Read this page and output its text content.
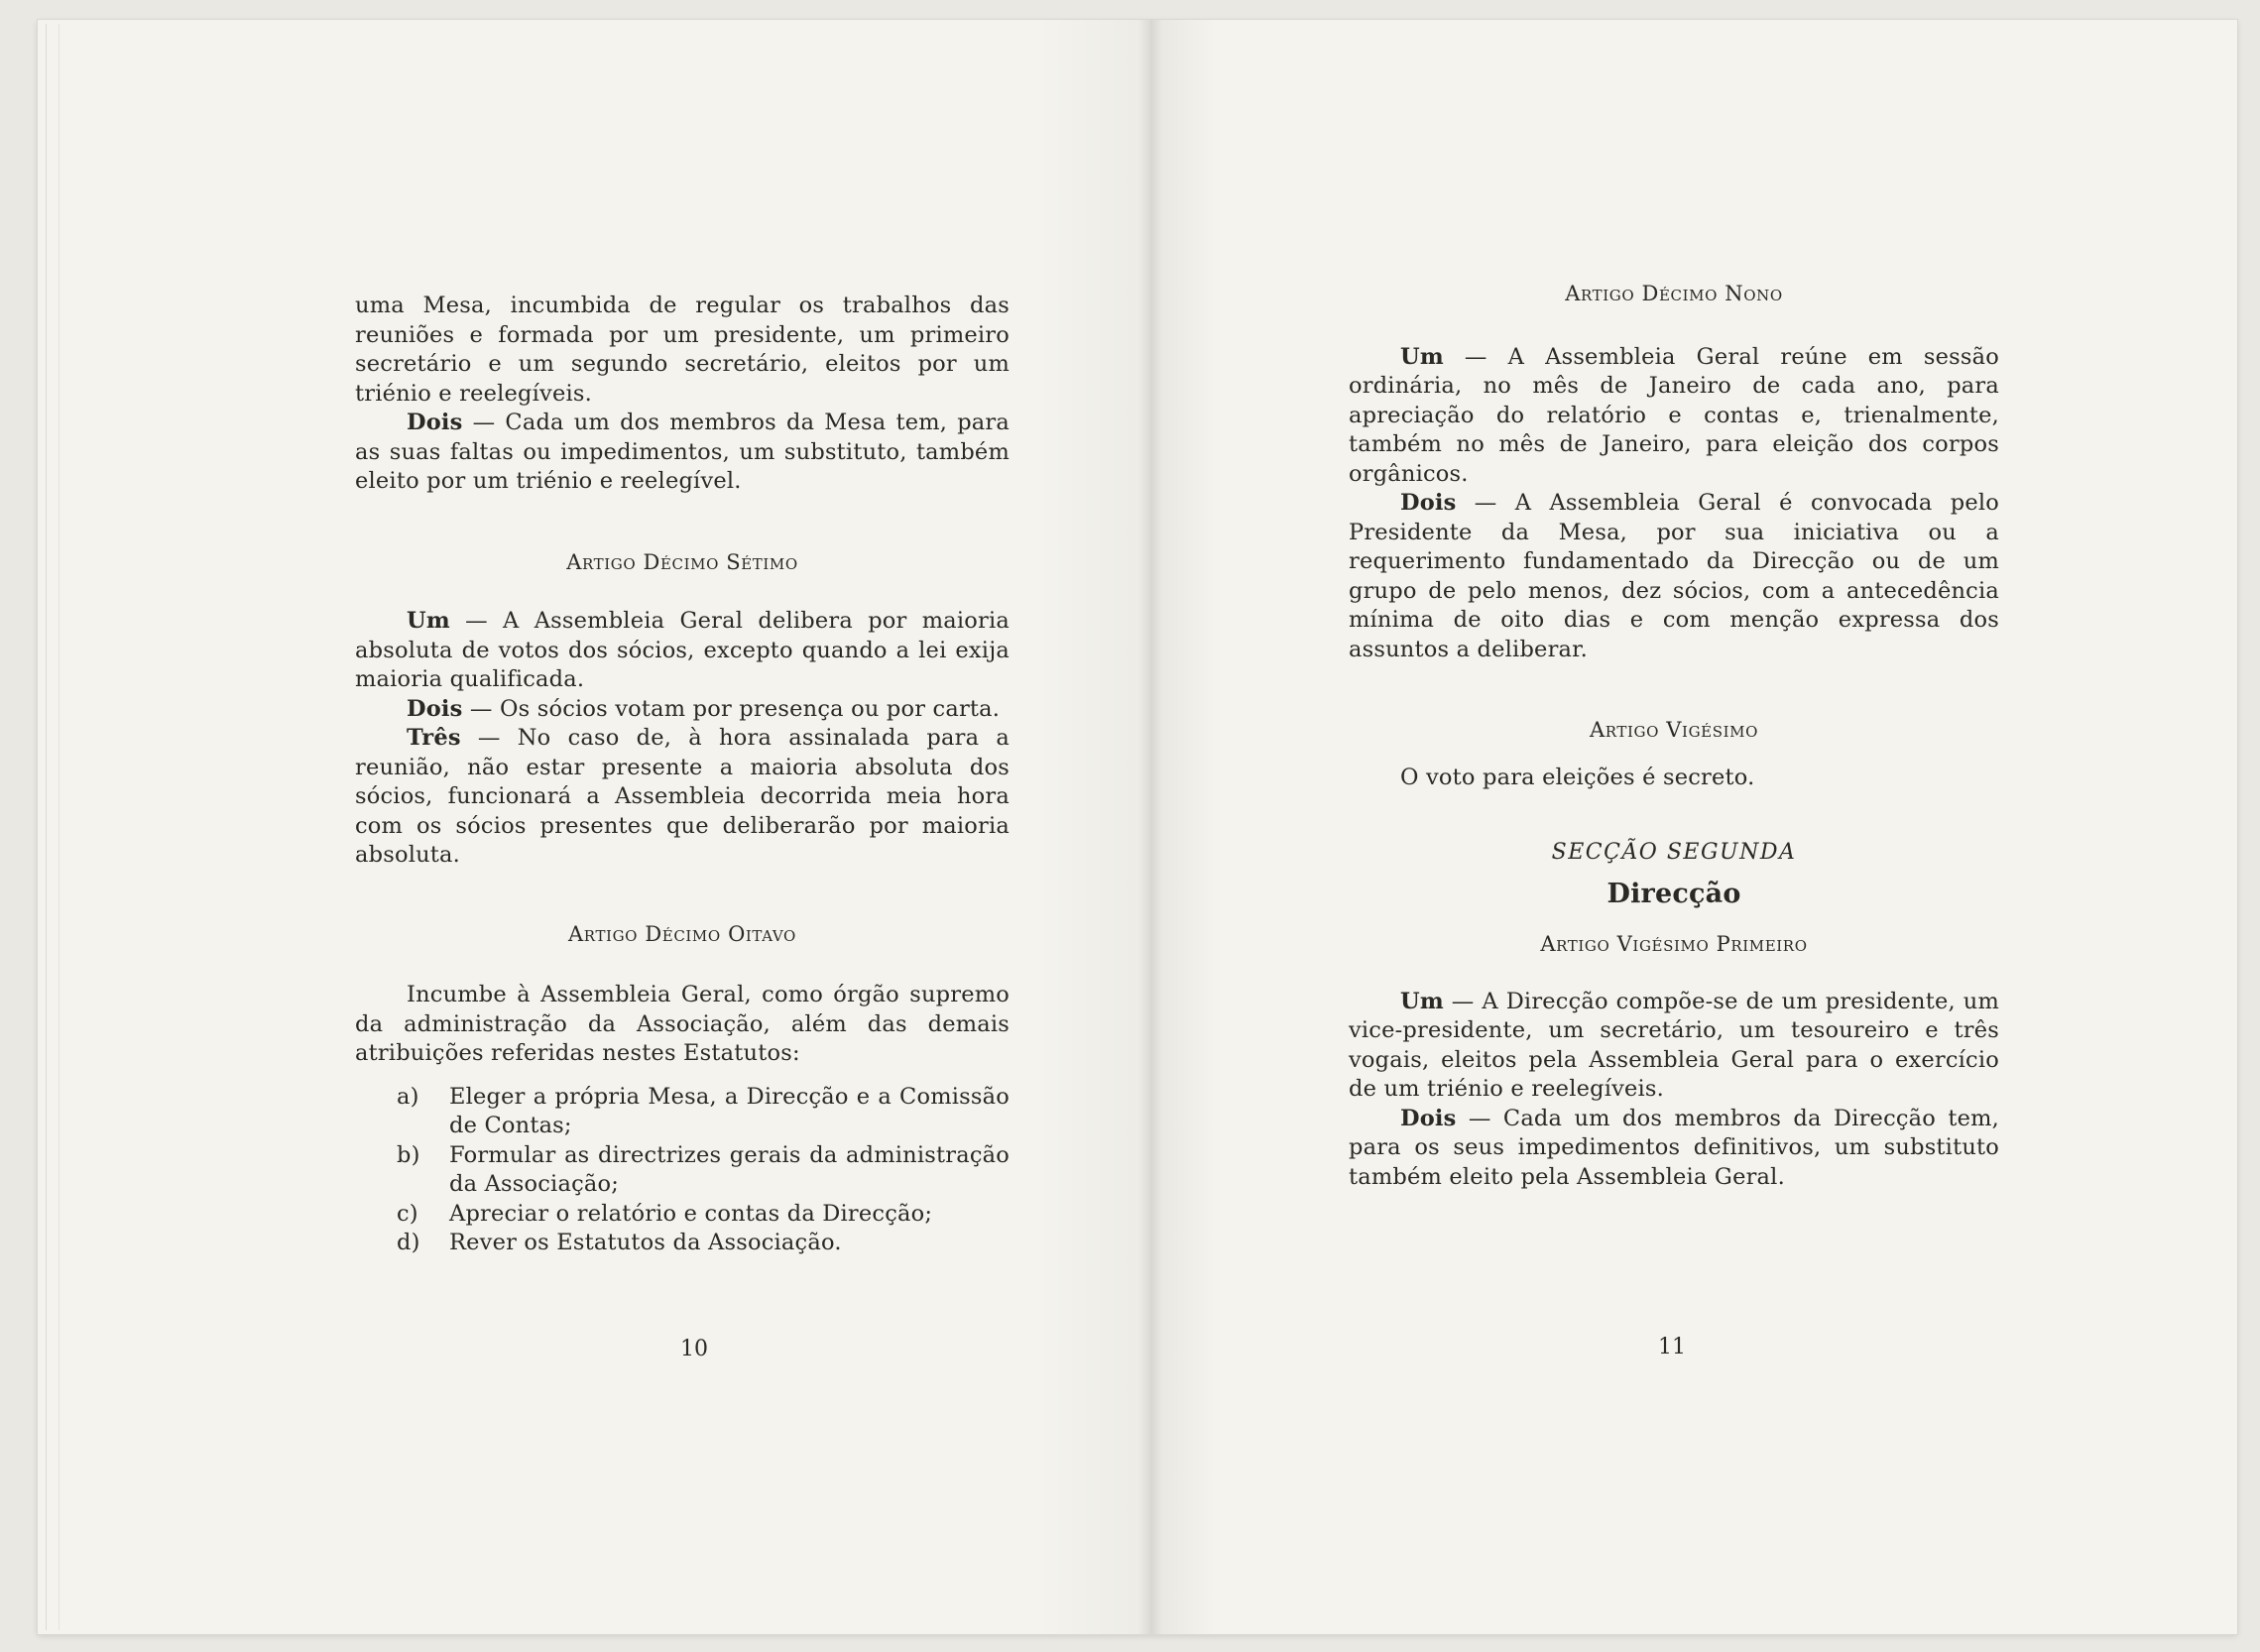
uma Mesa, incumbida de regular os trabalhos das reuniões e formada por um presidente, um primeiro secretário e um segundo secretário, eleitos por um triénio e reelegíveis.

Dois — Cada um dos membros da Mesa tem, para as suas faltas ou impedimentos, um substituto, também eleito por um triénio e reelegível.

Artigo Décimo Sétimo

Um — A Assembleia Geral delibera por maioria absoluta de votos dos sócios, excepto quando a lei exija maioria qualificada.

Dois — Os sócios votam por presença ou por carta.

Três — No caso de, à hora assinalada para a reunião, não estar presente a maioria absoluta dos sócios, funcionará a Assembleia decorrida meia hora com os sócios presentes que deliberarão por maioria absoluta.

Artigo Décimo Oitavo

Incumbe à Assembleia Geral, como órgão supremo da administração da Associação, além das demais atribuições referidas nestes Estatutos:

a) Eleger a própria Mesa, a Direcção e a Comissão de Contas;
b) Formular as directrizes gerais da administração da Associação;
c) Apreciar o relatório e contas da Direcção;
d) Rever os Estatutos da Associação.
10

Artigo Décimo Nono

Um — A Assembleia Geral reúne em sessão ordinária, no mês de Janeiro de cada ano, para apreciação do relatório e contas e, trienalmente, também no mês de Janeiro, para eleição dos corpos orgânicos.

Dois — A Assembleia Geral é convocada pelo Presidente da Mesa, por sua iniciativa ou a requerimento fundamentado da Direcção ou de um grupo de pelo menos, dez sócios, com a antecedência mínima de oito dias e com menção expressa dos assuntos a deliberar.

Artigo Vigésimo

O voto para eleições é secreto.

SECÇÃO SEGUNDA

Direcção

Artigo Vigésimo Primeiro

Um — A Direcção compõe-se de um presidente, um vice-presidente, um secretário, um tesoureiro e três vogais, eleitos pela Assembleia Geral para o exercício de um triénio e reelegíveis.

Dois — Cada um dos membros da Direcção tem, para os seus impedimentos definitivos, um substituto também eleito pela Assembleia Geral.

11
